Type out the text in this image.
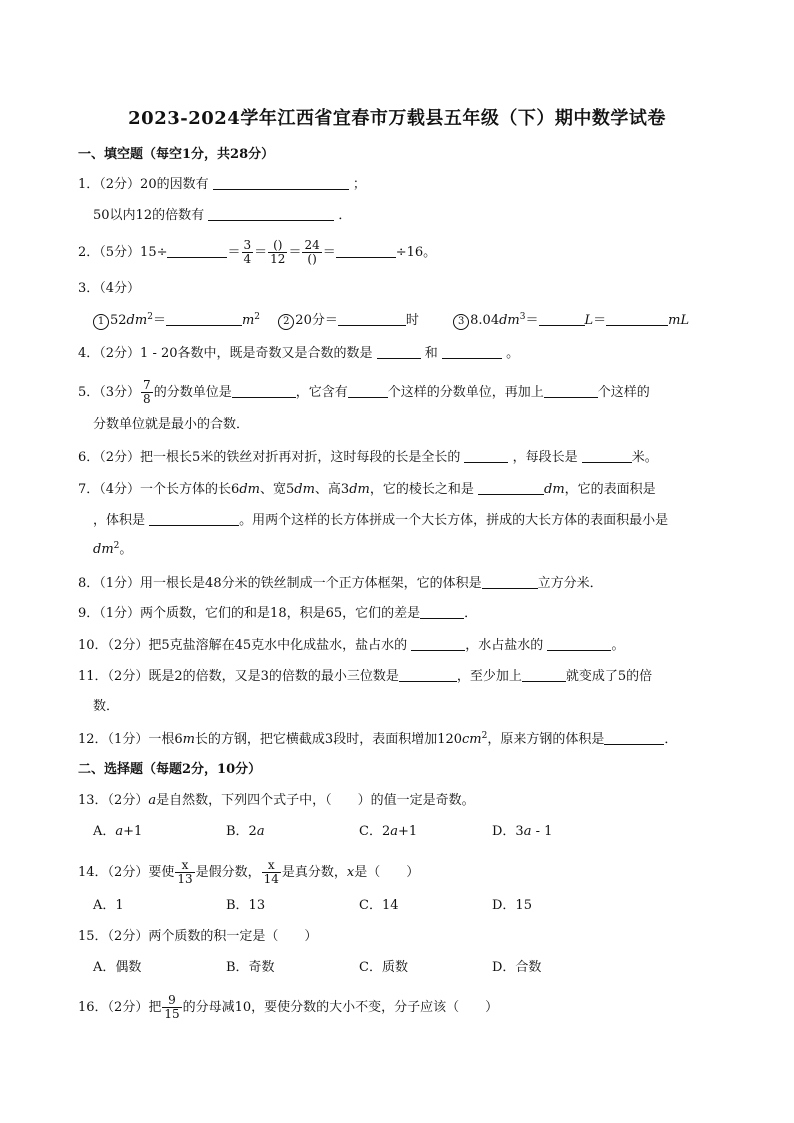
2023-2024学年江西省宜春市万载县五年级（下）期中数学试卷
一、填空题（每空1分，共28分）
1．（2分）20的因数有	；
50以内12的倍数有	．
2．（5分）15÷	＝ $\frac{3}{4} = \frac{()}{12} = \frac{24}{()}$ ＝	÷16。
3．（4分）
1 $52dm^2=$	$m^2$ 2 20分＝	时	3 $8.04dm^3=$	L＝	mL
4．（2分）1 - 20各数中，既是奇数又是合数的数是	和	。
5．（3分） $\frac{7}{8}$ 的分数单位是	，它含有	个这样的分数单位，再加上	个这样的
分数单位就是最小的合数．
6．（2分）把一根长5米的铁丝对折再对折，这时每段的长是全长的	，每段长是	米。
7．（4分）一个长方体的长6dm、宽5dm、高3dm，它的棱长之和是	dm，它的表面积是
，体积是	。用两个这样的长方体拼成一个大长方体，拼成的大长方体的表面积最小是
$dm^2$。
8．（1分）用一根长是48分米的铁丝制成一个正方体框架，它的体积是	立方分米．
9．（1分）两个质数，它们的和是18，积是65，它们的差是	．
10．（2分）把5克盐溶解在45克水中化成盐水，盐占水的	，水占盐水的	。
11．（2分）既是2的倍数，又是3的倍数的最小三位数是	，至少加上	就变成了5的倍
数．
12．（1分）一根6m长的方钢，把它横截成3段时，表面积增加$120cm^2$，原来方钢的体积是	．
二、选择题（每题2分，10分）
13．（2分）a是自然数，下列四个式子中，（　　）的值一定是奇数。
A．a+1	B．2a	C．2a+1	D．3a - 1
14．（2分）要使 $\frac{x}{13}$ 是假分数， $\frac{x}{14}$ 是真分数，x是（　　）
A．1	B．13	C．14	D．15
15．（2分）两个质数的积一定是（　　）
A．偶数	B．奇数	C．质数	D．合数
16．（2分）把 $\frac{9}{15}$ 的分母减10，要使分数的大小不变，分子应该（　　）
